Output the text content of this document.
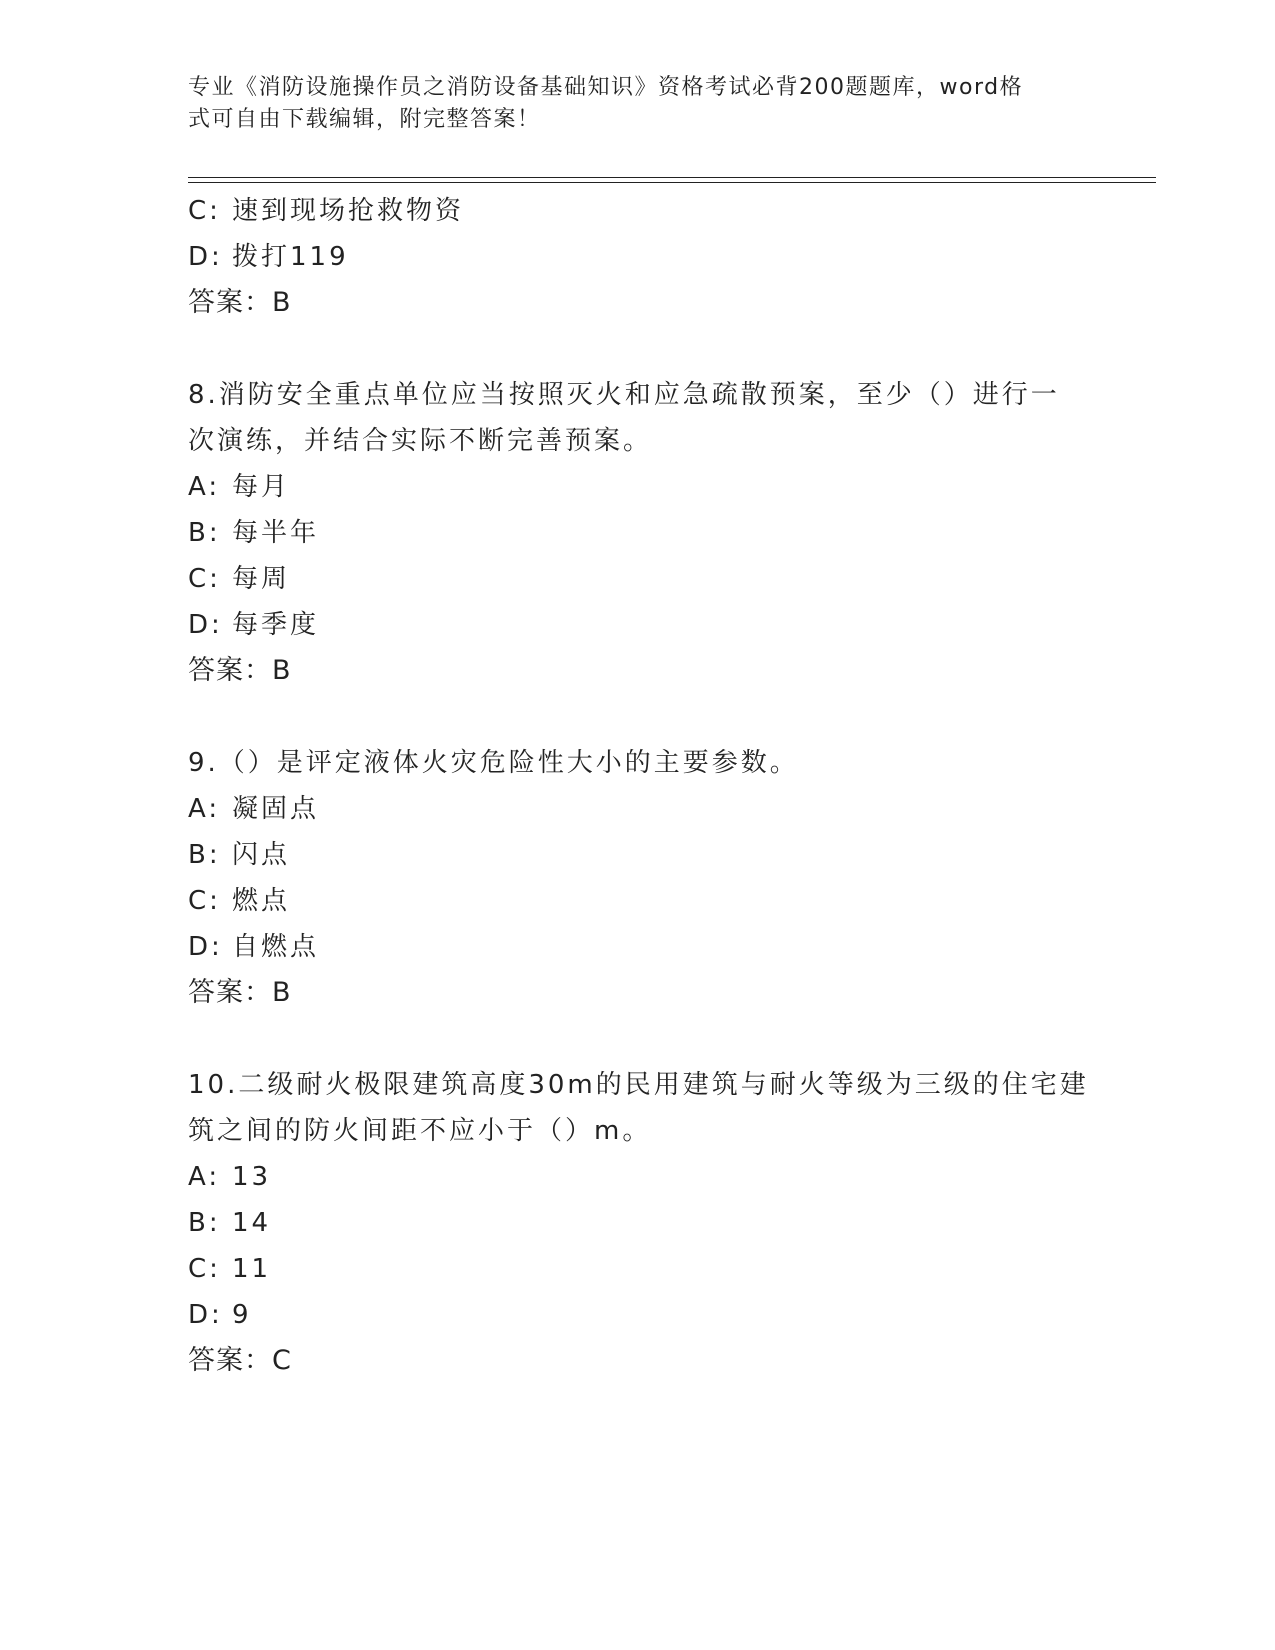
专业《消防设施操作员之消防设备基础知识》资格考试必背200题题库，word格
式可自由下载编辑，附完整答案！
C: 速到现场抢救物资
D: 拨打119
答案：B
8.消防安全重点单位应当按照灭火和应急疏散预案，至少（）进行一
次演练，并结合实际不断完善预案。
A: 每月
B: 每半年
C: 每周
D: 每季度
答案：B
9.（）是评定液体火灾危险性大小的主要参数。
A: 凝固点
B: 闪点
C: 燃点
D: 自燃点
答案：B
10.二级耐火极限建筑高度30m的民用建筑与耐火等级为三级的住宅建
筑之间的防火间距不应小于（）m。
A: 13
B: 14
C: 11
D: 9
答案：C
